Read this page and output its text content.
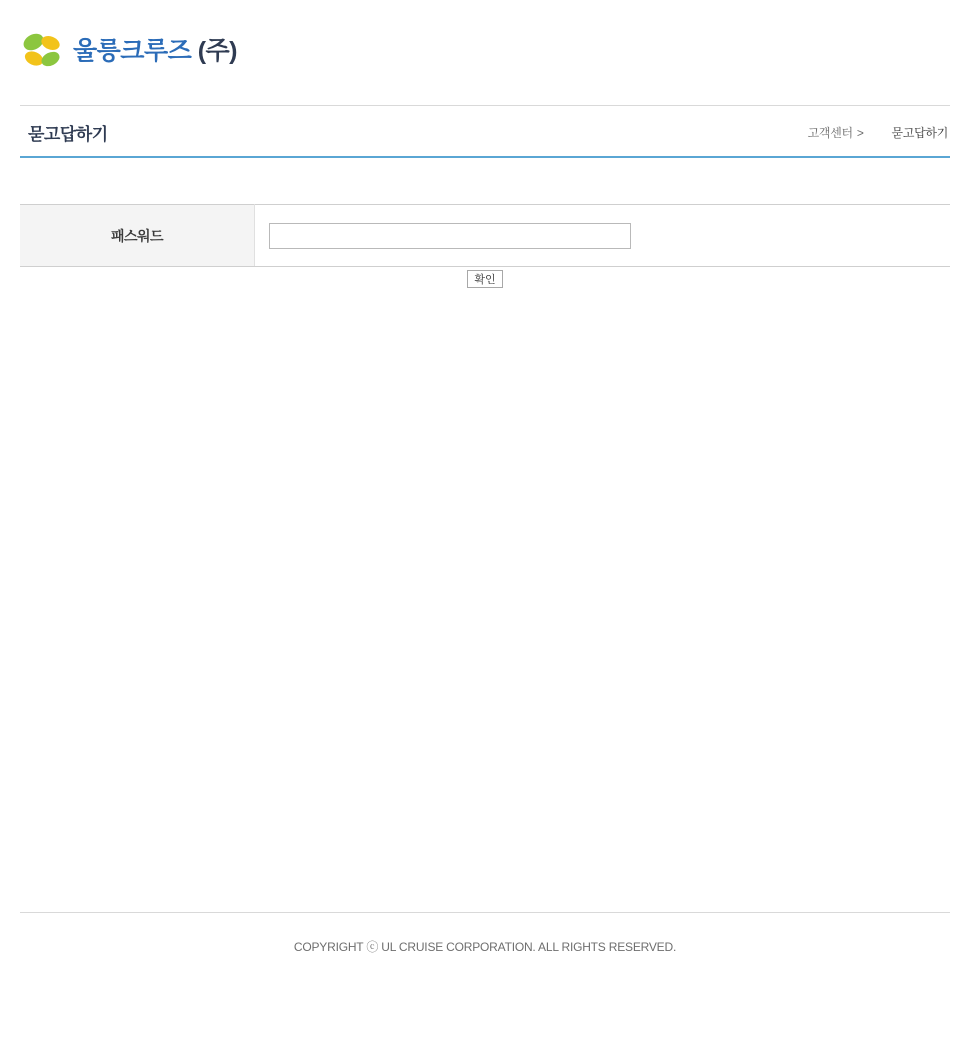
울릉크루즈 (주)
묻고답하기	고객센터 > 묻고답하기
패스워드	
확인
COPYRIGHT ⓒ UL CRUISE CORPORATION. ALL RIGHTS RESERVED.
